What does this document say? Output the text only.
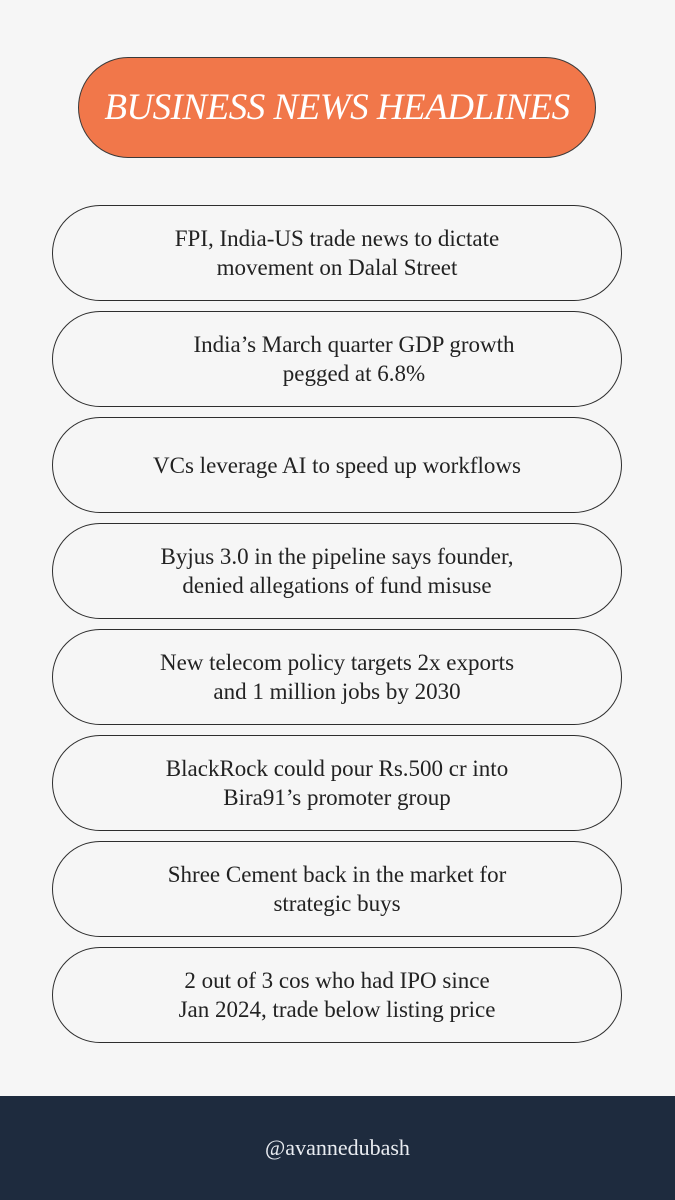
BUSINESS NEWS HEADLINES
FPI, India-US trade news to dictate
movement on Dalal Street
India’s March quarter GDP growth
pegged at 6.8%
VCs leverage AI to speed up workflows
Byjus 3.0 in the pipeline says founder,
denied allegations of fund misuse
New telecom policy targets 2x exports
and 1 million jobs by 2030
BlackRock could pour Rs.500 cr into
Bira91’s promoter group
Shree Cement back in the market for
strategic buys
2 out of 3 cos who had IPO since
Jan 2024, trade below listing price
@avannedubash
